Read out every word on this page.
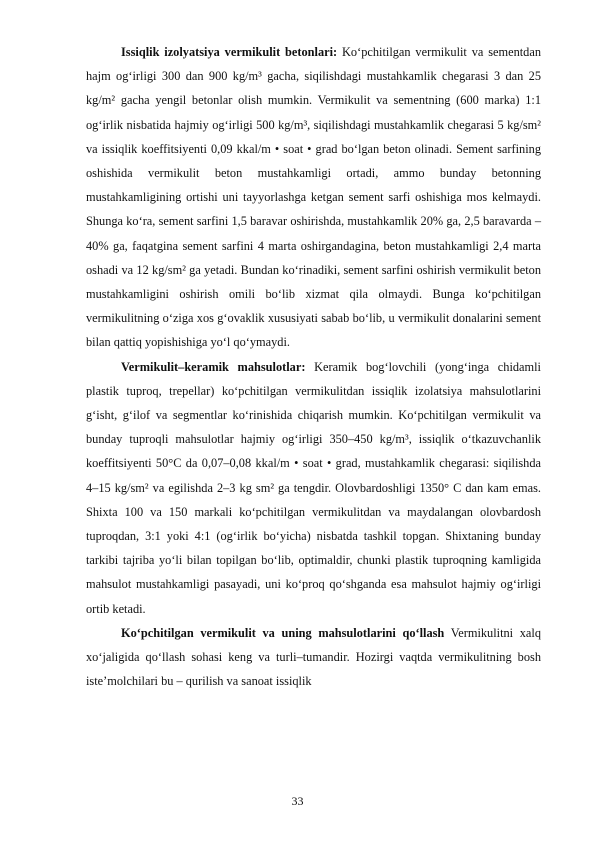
Issiqlik izolyatsiya vermikulit betonlari: Ko‘pchitilgan vermikulit va sementdan hajm og‘irligi 300 dan 900 kg/m³ gacha, siqilishdagi mustahkamlik chegarasi 3 dan 25 kg/m² gacha yengil betonlar olish mumkin. Vermikulit va sementning (600 marka) 1:1 og‘irlik nisbatida hajmiy og‘irligi 500 kg/m³, siqilishdagi mustahkamlik chegarasi 5 kg/sm² va issiqlik koeffitsiyenti 0,09 kkal/m • soat • grad bo‘lgan beton olinadi. Sement sarfining oshishida vermikulit beton mustahkamligi ortadi, ammo bunday betonning mustahkamligining ortishi uni tayyorlashga ketgan sement sarfi oshishiga mos kelmaydi. Shunga ko‘ra, sement sarfini 1,5 baravar oshirishda, mustahkamlik 20% ga, 2,5 baravarda – 40% ga, faqatgina sement sarfini 4 marta oshirgandagina, beton mustahkamligi 2,4 marta oshadi va 12 kg/sm² ga yetadi. Bundan ko‘rinadiki, sement sarfini oshirish vermikulit beton mustahkamligini oshirish omili bo‘lib xizmat qila olmaydi. Bunga ko‘pchitilgan vermikulitning o‘ziga xos g‘ovaklik xususiyati sabab bo‘lib, u vermikulit donalarini sement bilan qattiq yopishishiga yo‘l qo‘ymaydi.

Vermikulit–keramik mahsulotlar: Keramik bog‘lovchili (yong‘inga chidamli plastik tuproq, trepellar) ko‘pchitilgan vermikulitdan issiqlik izolatsiya mahsulotlarini g‘isht, g‘ilof va segmentlar ko‘rinishida chiqarish mumkin. Ko‘pchitilgan vermikulit va bunday tuproqli mahsulotlar hajmiy og‘irligi 350–450 kg/m³, issiqlik o‘tkazuvchanlik koeffitsiyenti 50°C da 0,07–0,08 kkal/m • soat • grad, mustahkamlik chegarasi: siqilishda 4–15 kg/sm² va egilishda 2–3 kg sm² ga tengdir. Olovbardoshligi 1350° C dan kam emas. Shixta 100 va 150 markali ko‘pchitilgan vermikulitdan va maydalangan olovbardosh tuproqdan, 3:1 yoki 4:1 (og‘irlik bo‘yicha) nisbatda tashkil topgan. Shixtaning bunday tarkibi tajriba yo‘li bilan topilgan bo‘lib, optimaldir, chunki plastik tuproqning kamligida mahsulot mustahkamligi pasayadi, uni ko‘proq qo‘shganda esa mahsulot hajmiy og‘irligi ortib ketadi.

Ko‘pchitilgan vermikulit va uning mahsulotlarini qo‘llash Vermikulitni xalq xo‘jaligida qo‘llash sohasi keng va turli–tumandir. Hozirgi vaqtda vermikulitning bosh iste’molchilari bu – qurilish va sanoat issiqlik

33
